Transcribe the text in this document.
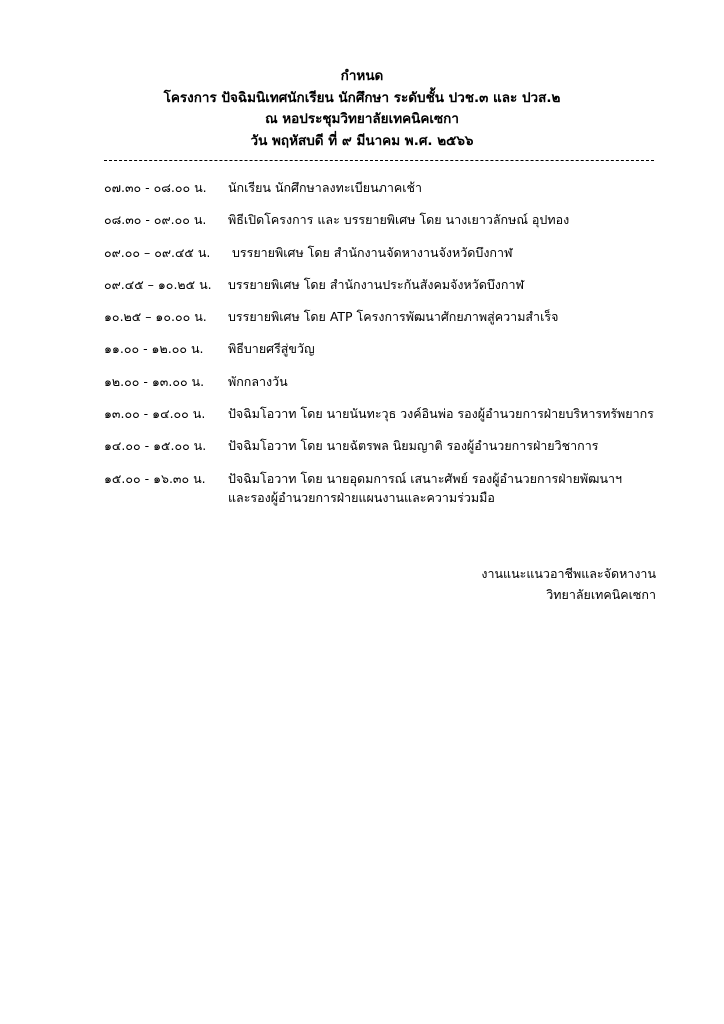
กำหนด
โครงการ ปัจฉิมนิเทศนักเรียน นักศึกษา ระดับชั้น ปวช.๓ และ ปวส.๒
ณ หอประชุมวิทยาลัยเทคนิคเซกา
วัน พฤหัสบดี ที่ ๙ มีนาคม พ.ศ. ๒๕๖๖
๐๗.๓๐ - ๐๘.๐๐ น.	นักเรียน นักศึกษาลงทะเบียนภาคเช้า
๐๘.๓๐ - ๐๙.๐๐ น.	พิธีเปิดโครงการ และ บรรยายพิเศษ โดย นางเยาวลักษณ์ อุปทอง
๐๙.๐๐ – ๐๙.๔๕ น.	บรรยายพิเศษ โดย สำนักงานจัดหางานจังหวัดบึงกาฬ
๐๙.๔๕ – ๑๐.๒๕ น.	บรรยายพิเศษ โดย สำนักงานประกันสังคมจังหวัดบึงกาฬ
๑๐.๒๕ – ๑๐.๐๐ น.	บรรยายพิเศษ โดย ATP โครงการพัฒนาศักยภาพสู่ความสำเร็จ
๑๑.๐๐ - ๑๒.๐๐ น.	พิธีบายศรีสู่ขวัญ
๑๒.๐๐ - ๑๓.๐๐ น.	พักกลางวัน
๑๓.๐๐ - ๑๔.๐๐ น.	ปัจฉิมโอวาท โดย นายนันทะวุธ วงค์อินพ่อ รองผู้อำนวยการฝ่ายบริหารทรัพยากร
๑๔.๐๐ - ๑๕.๐๐ น.	ปัจฉิมโอวาท โดย นายฉัตรพล นิยมญาติ รองผู้อำนวยการฝ่ายวิชาการ
๑๕.๐๐ - ๑๖.๓๐ น.	ปัจฉิมโอวาท โดย นายอุดมการณ์ เสนาะศัพย์ รองผู้อำนวยการฝ่ายพัฒนาฯ
และรองผู้อำนวยการฝ่ายแผนงานและความร่วมมือ
งานแนะแนวอาชีพและจัดหางาน
วิทยาลัยเทคนิคเซกา
